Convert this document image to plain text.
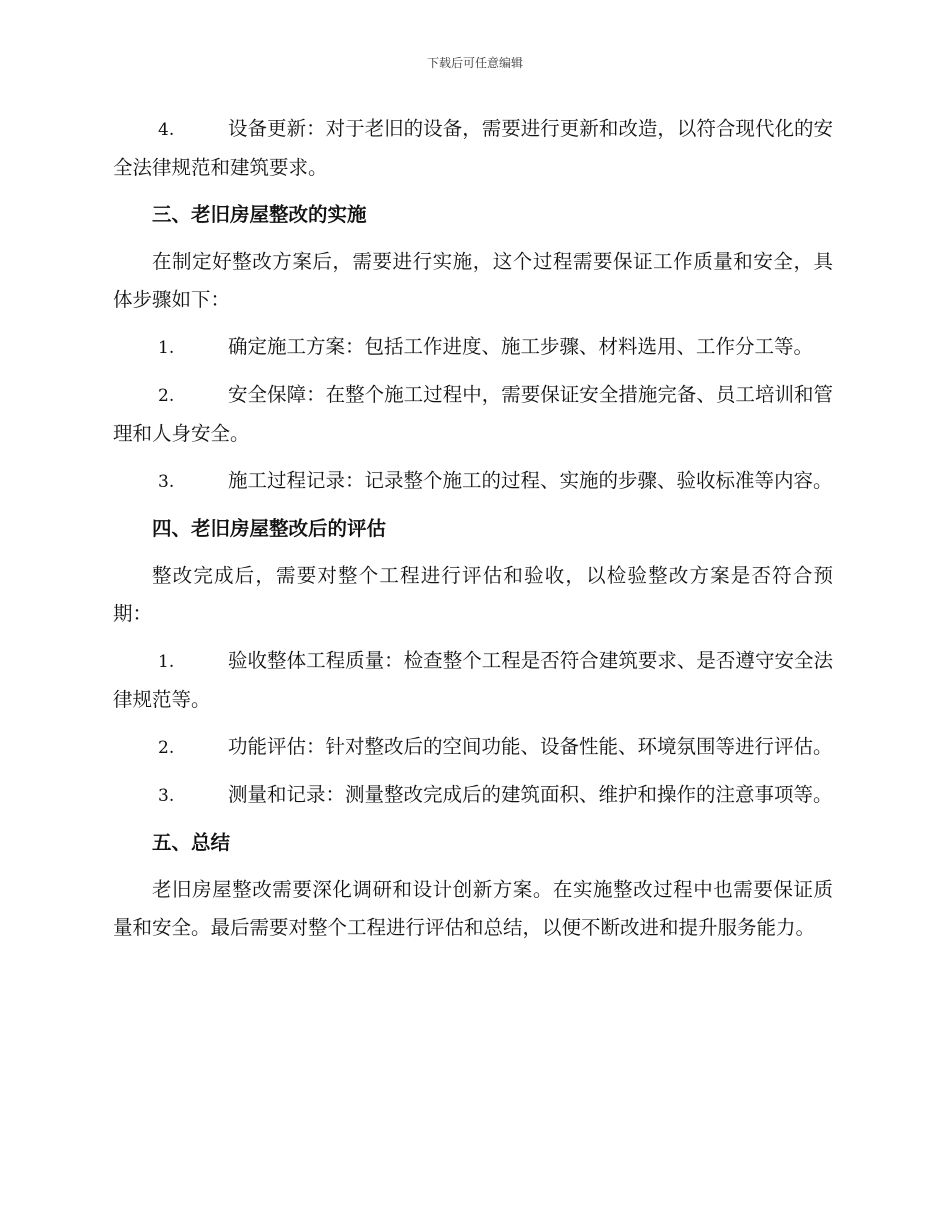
下载后可任意编辑

4.	设备更新：对于老旧的设备，需要进行更新和改造，以符合现代化的安全法律规范和建筑要求。

三、老旧房屋整改的实施

在制定好整改方案后，需要进行实施，这个过程需要保证工作质量和安全，具体步骤如下：

1.	确定施工方案：包括工作进度、施工步骤、材料选用、工作分工等。

2.	安全保障：在整个施工过程中，需要保证安全措施完备、员工培训和管理和人身安全。

3.	施工过程记录：记录整个施工的过程、实施的步骤、验收标准等内容。

四、老旧房屋整改后的评估

整改完成后，需要对整个工程进行评估和验收，以检验整改方案是否符合预期：

1.	验收整体工程质量：检查整个工程是否符合建筑要求、是否遵守安全法律规范等。

2.	功能评估：针对整改后的空间功能、设备性能、环境氛围等进行评估。

3.	测量和记录：测量整改完成后的建筑面积、维护和操作的注意事项等。

五、总结

老旧房屋整改需要深化调研和设计创新方案。在实施整改过程中也需要保证质量和安全。最后需要对整个工程进行评估和总结，以便不断改进和提升服务能力。
